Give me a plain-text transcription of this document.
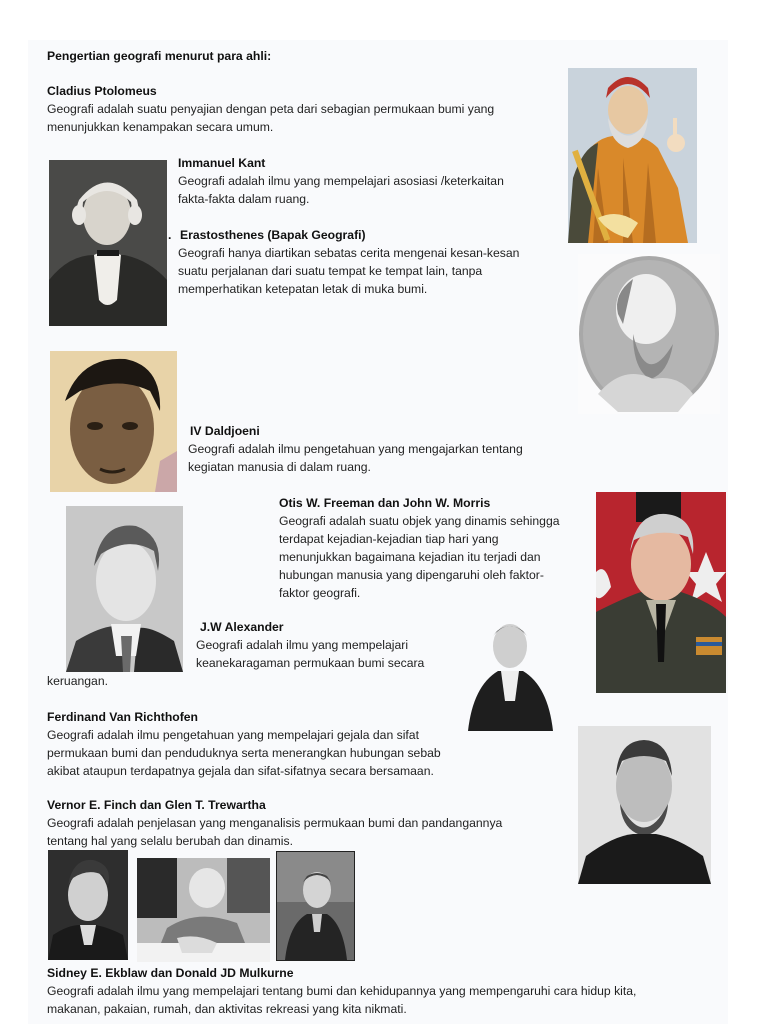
Pengertian geografi menurut para ahli:
Cladius Ptolomeus
Geografi adalah suatu penyajian dengan peta dari sebagian permukaan bumi yang
menunjukkan kenampakan secara umum.
Immanuel Kant
Geografi adalah ilmu yang mempelajari asosiasi /keterkaitan
fakta-fakta dalam ruang.
. Erastosthenes (Bapak Geografi)
Geografi hanya diartikan sebatas cerita mengenai kesan-kesan
suatu perjalanan dari suatu tempat ke tempat lain, tanpa
memperhatikan ketepatan letak di muka bumi.
IV Daldjoeni
Geografi adalah ilmu pengetahuan yang mengajarkan tentang
kegiatan manusia di dalam ruang.
Otis W. Freeman dan John W. Morris
Geografi adalah suatu objek yang dinamis sehingga
terdapat kejadian-kejadian tiap hari yang
menunjukkan bagaimana kejadian itu terjadi dan
hubungan manusia yang dipengaruhi oleh faktor-
faktor geografi.
J.W Alexander
Geografi adalah ilmu yang mempelajari
keanekaragaman permukaan bumi secara
keruangan.
Ferdinand Van Richthofen
Geografi adalah ilmu pengetahuan yang mempelajari gejala dan sifat
permukaan bumi dan penduduknya serta menerangkan hubungan sebab
akibat ataupun terdapatnya gejala dan sifat-sifatnya secara bersamaan.
Vernor E. Finch dan Glen T. Trewartha
Geografi adalah penjelasan yang menganalisis permukaan bumi dan pandangannya
tentang hal yang selalu berubah dan dinamis.
Sidney E. Ekblaw dan Donald JD Mulkurne
Geografi adalah ilmu yang mempelajari tentang bumi dan kehidupannya yang mempengaruhi cara hidup kita,
makanan, pakaian, rumah, dan aktivitas rekreasi yang kita nikmati.
